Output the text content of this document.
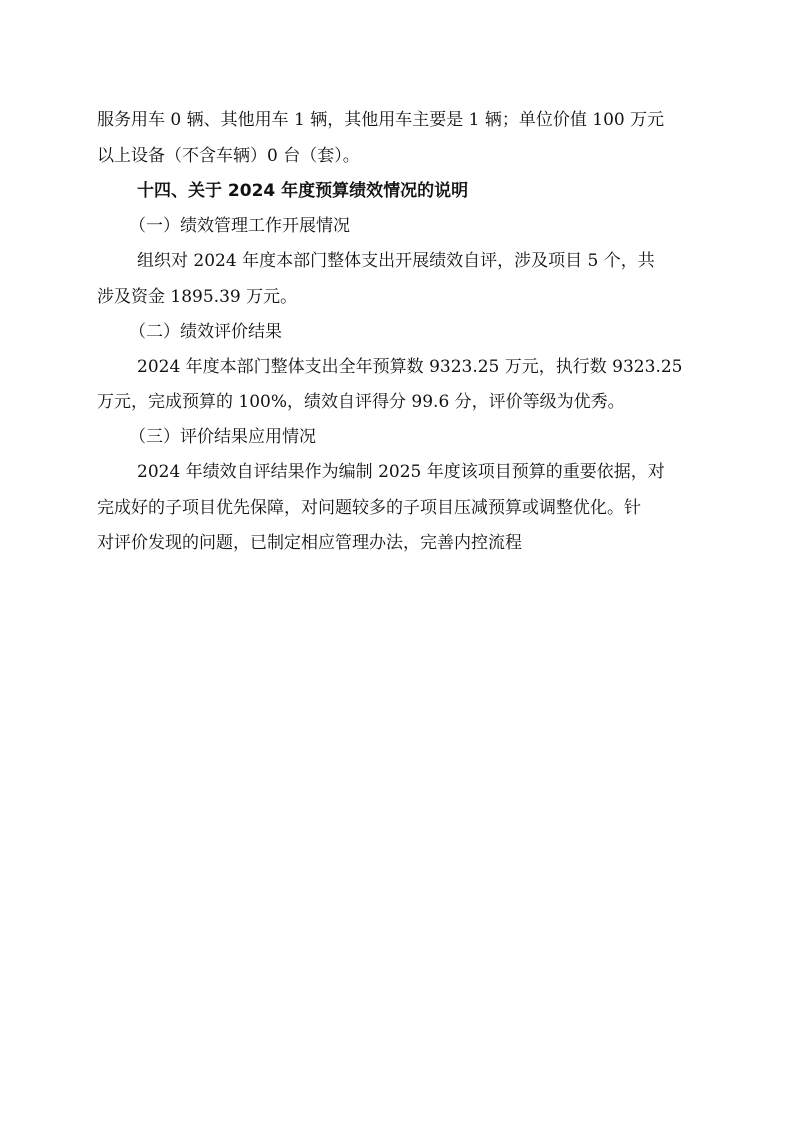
服务用车 0 辆、其他用车 1 辆，其他用车主要是 1 辆；单位价值 100 万元
以上设备（不含车辆）0 台（套）。
十四、关于 2024 年度预算绩效情况的说明
（一）绩效管理工作开展情况
组织对 2024 年度本部门整体支出开展绩效自评，涉及项目 5 个，共
涉及资金 1895.39 万元。
（二）绩效评价结果
2024 年度本部门整体支出全年预算数 9323.25 万元，执行数 9323.25
万元，完成预算的 100%，绩效自评得分 99.6 分，评价等级为优秀。
（三）评价结果应用情况
2024 年绩效自评结果作为编制 2025 年度该项目预算的重要依据，对
完成好的子项目优先保障，对问题较多的子项目压减预算或调整优化。针
对评价发现的问题，已制定相应管理办法，完善内控流程
